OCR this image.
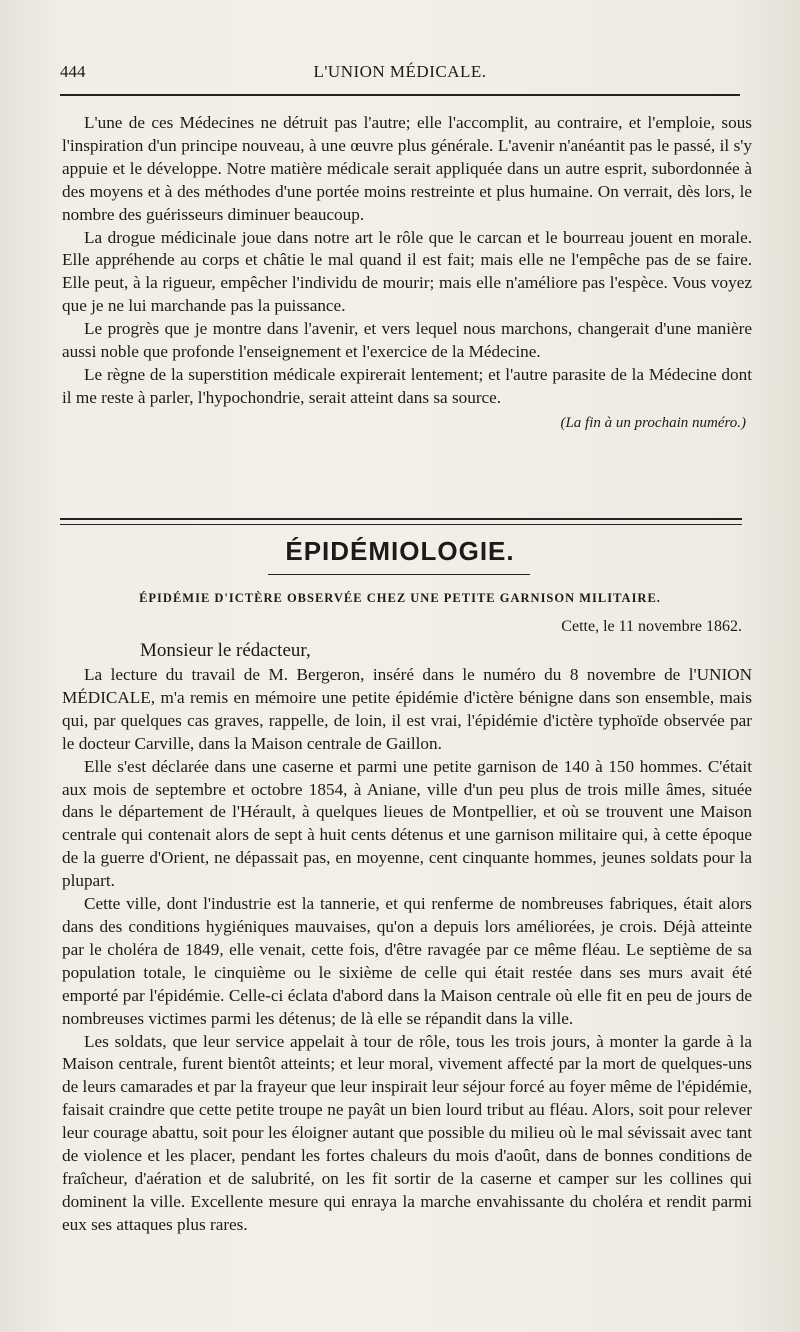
444	L'UNION MÉDICALE.

L'une de ces Médecines ne détruit pas l'autre; elle l'accomplit, au contraire, et l'emploie, sous l'inspiration d'un principe nouveau, à une œuvre plus générale. L'avenir n'anéantit pas le passé, il s'y appuie et le développe. Notre matière médicale serait appliquée dans un autre esprit, subordonnée à des moyens et à des méthodes d'une portée moins restreinte et plus humaine. On verrait, dès lors, le nombre des guérisseurs diminuer beaucoup.

La drogue médicinale joue dans notre art le rôle que le carcan et le bourreau jouent en morale. Elle appréhende au corps et châtie le mal quand il est fait; mais elle ne l'empêche pas de se faire. Elle peut, à la rigueur, empêcher l'individu de mourir; mais elle n'améliore pas l'espèce. Vous voyez que je ne lui marchande pas la puissance.

Le progrès que je montre dans l'avenir, et vers lequel nous marchons, changerait d'une manière aussi noble que profonde l'enseignement et l'exercice de la Médecine.

Le règne de la superstition médicale expirerait lentement; et l'autre parasite de la Médecine dont il me reste à parler, l'hypochondrie, serait atteint dans sa source.

(La fin à un prochain numéro.)
ÉPIDÉMIOLOGIE.
ÉPIDÉMIE D'ICTÈRE OBSERVÉE CHEZ UNE PETITE GARNISON MILITAIRE.
Cette, le 11 novembre 1862.
Monsieur le rédacteur,

La lecture du travail de M. Bergeron, inséré dans le numéro du 8 novembre de l'UNION MÉDICALE, m'a remis en mémoire une petite épidémie d'ictère bénigne dans son ensemble, mais qui, par quelques cas graves, rappelle, de loin, il est vrai, l'épidémie d'ictère typhoïde observée par le docteur Carville, dans la Maison centrale de Gaillon.

Elle s'est déclarée dans une caserne et parmi une petite garnison de 140 à 150 hommes. C'était aux mois de septembre et octobre 1854, à Aniane, ville d'un peu plus de trois mille âmes, située dans le département de l'Hérault, à quelques lieues de Montpellier, et où se trouvent une Maison centrale qui contenait alors de sept à huit cents détenus et une garnison militaire qui, à cette époque de la guerre d'Orient, ne dépassait pas, en moyenne, cent cinquante hommes, jeunes soldats pour la plupart.

Cette ville, dont l'industrie est la tannerie, et qui renferme de nombreuses fabriques, était alors dans des conditions hygiéniques mauvaises, qu'on a depuis lors améliorées, je crois. Déjà atteinte par le choléra de 1849, elle venait, cette fois, d'être ravagée par ce même fléau. Le septième de sa population totale, le cinquième ou le sixième de celle qui était restée dans ses murs avait été emporté par l'épidémie. Celle-ci éclata d'abord dans la Maison centrale où elle fit en peu de jours de nombreuses victimes parmi les détenus; de là elle se répandit dans la ville.

Les soldats, que leur service appelait à tour de rôle, tous les trois jours, à monter la garde à la Maison centrale, furent bientôt atteints; et leur moral, vivement affecté par la mort de quelques-uns de leurs camarades et par la frayeur que leur inspirait leur séjour forcé au foyer même de l'épidémie, faisait craindre que cette petite troupe ne payât un bien lourd tribut au fléau. Alors, soit pour relever leur courage abattu, soit pour les éloigner autant que possible du milieu où le mal sévissait avec tant de violence et les placer, pendant les fortes chaleurs du mois d'août, dans de bonnes conditions de fraîcheur, d'aération et de salubrité, on les fit sortir de la caserne et camper sur les collines qui dominent la ville. Excellente mesure qui enraya la marche envahissante du choléra et rendit parmi eux ses attaques plus rares.
